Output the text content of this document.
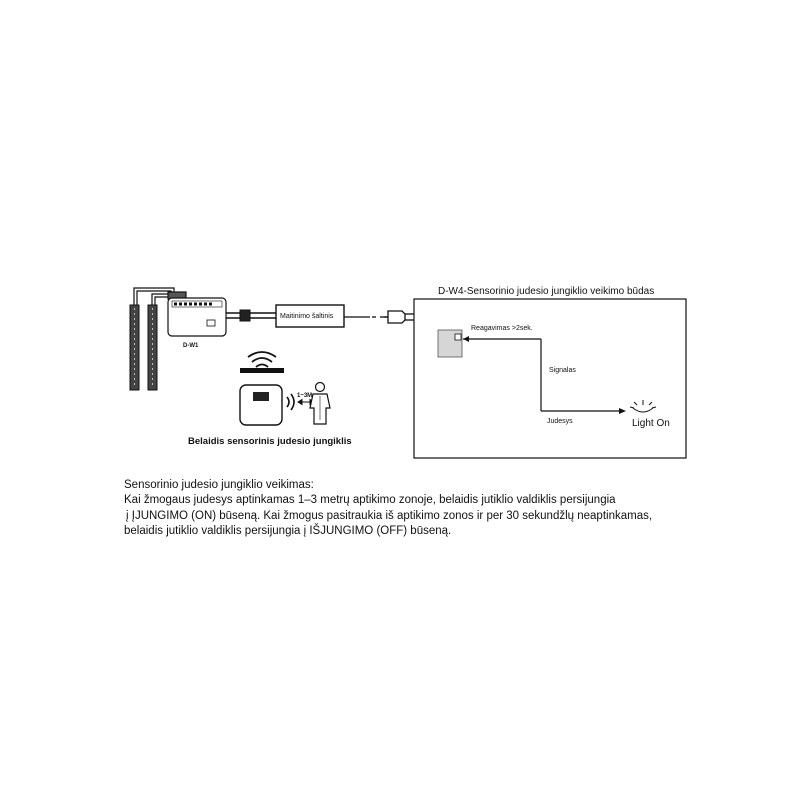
D-W1
Maitinimo šaltinis
1~3M
Belaidis sensorinis judesio jungiklis
D-W4-Sensorinio judesio jungiklio veikimo būdas
Reagavimas >2sek.
Signalas
Judesys	Light On
Sensorinio judesio jungiklio veikimas:
Kai žmogaus judesys aptinkamas 1–3 metrų aptikimo zonoje, belaidis jutiklio valdiklis persijungia
į ĮJUNGIMO (ON) būseną. Kai žmogus pasitraukia iš aptikimo zonos ir per 30 sekundžlų neaptinkamas,
belaidis jutiklio valdiklis persijungia į IŠJUNGIMO (OFF) būseną.
